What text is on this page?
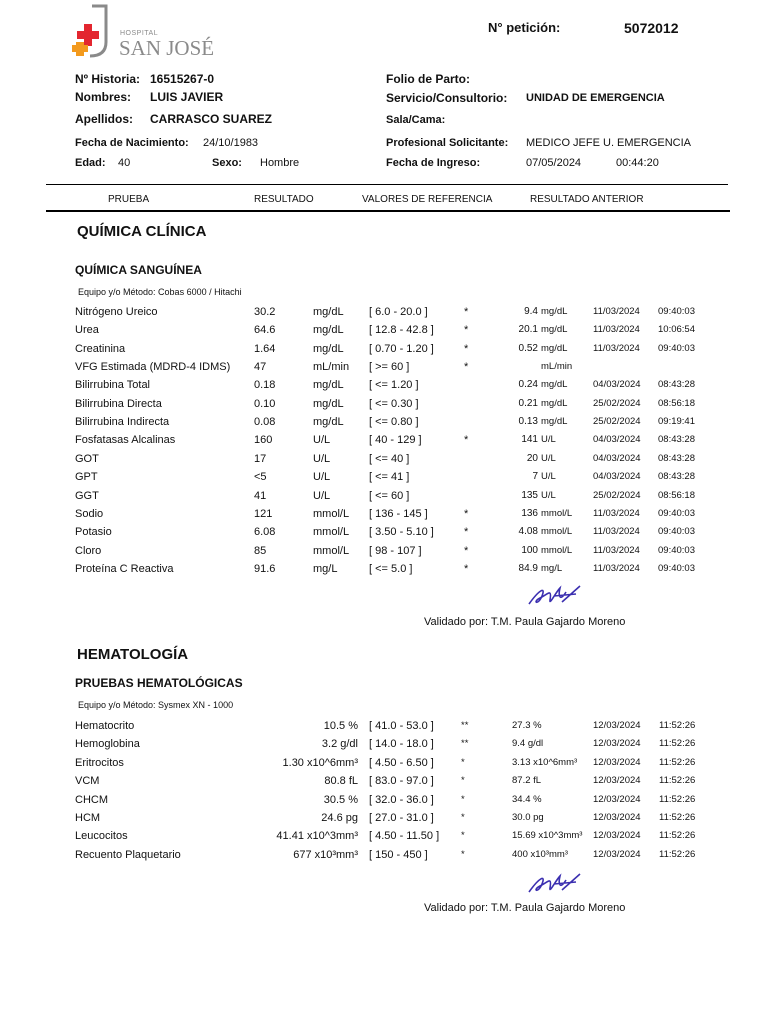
HOSPITAL
SAN JOSÉ
N° petición:	5072012
Nº Historia: 16515267-0
Nombres: LUIS JAVIER
Apellidos: CARRASCO SUAREZ
Fecha de Nacimiento: 24/10/1983
Edad: 40	Sexo: Hombre
Folio de Parto:
Servicio/Consultorio: UNIDAD DE EMERGENCIA
Sala/Cama:
Profesional Solicitante: MEDICO JEFE U. EMERGENCIA
Fecha de Ingreso:	07/05/2024	00:44:20
PRUEBA	RESULTADO	VALORES DE REFERENCIA	RESULTADO ANTERIOR
QUÍMICA CLÍNICA
QUÍMICA SANGUÍNEA
Equipo y/o Método: Cobas 6000 / Hitachi
Nitrógeno Ureico	30.2	mg/dL [ 6.0 - 20.0 ]	*	9.4 mg/dL	11/03/2024 09:40:03
Urea	64.6	mg/dL [ 12.8 - 42.8 ]	*	20.1 mg/dL	11/03/2024 10:06:54
Creatinina	1.64	mg/dL [ 0.70 - 1.20 ]	*	0.52 mg/dL	11/03/2024 09:40:03
VFG Estimada (MDRD-4 IDMS) 47	mL/min [ >= 60 ]	*	mL/min
Bilirrubina Total	0.18	mg/dL [ <= 1.20 ]	0.24 mg/dL	04/03/2024 08:43:28
Bilirrubina Directa	0.10	mg/dL [ <= 0.30 ]	0.21 mg/dL	25/02/2024 08:56:18
Bilirrubina Indirecta	0.08	mg/dL [ <= 0.80 ]	0.13 mg/dL	25/02/2024 09:19:41
Fosfatasas Alcalinas	160	U/L	[ 40 - 129 ]	*	141 U/L	04/03/2024 08:43:28
GOT	17	U/L	[ <= 40 ]	20 U/L	04/03/2024 08:43:28
GPT	<5	U/L	[ <= 41 ]	7 U/L	04/03/2024 08:43:28
GGT	41	U/L	[ <= 60 ]	135 U/L	25/02/2024 08:56:18
Sodio	121	mmol/L [ 136 - 145 ]	*	136 mmol/L 11/03/2024 09:40:03
Potasio	6.08	mmol/L [ 3.50 - 5.10 ]	*	4.08 mmol/L 11/03/2024 09:40:03
Cloro	85	mmol/L [ 98 - 107 ]	*	100 mmol/L 11/03/2024 09:40:03
Proteína C Reactiva	91.6	mg/L	[ <= 5.0 ]	*	84.9 mg/L	11/03/2024 09:40:03
Validado por: T.M. Paula Gajardo Moreno
HEMATOLOGÍA
PRUEBAS HEMATOLÓGICAS
Equipo y/o Método: Sysmex XN - 1000
Hematocrito	10.5 % [ 41.0 - 53.0 ]	**	27.3 %	12/03/2024 11:52:26
Hemoglobina	3.2 g/dl [ 14.0 - 18.0 ]	**	9.4 g/dl	12/03/2024 11:52:26
Eritrocitos	1.30 x10^6mm³ [ 4.50 - 6.50 ]	*	3.13 x10^6mm³ 12/03/2024 11:52:26
VCM	80.8 fL [ 83.0 - 97.0 ]	*	87.2 fL	12/03/2024 11:52:26
CHCM	30.5 % [ 32.0 - 36.0 ]	*	34.4 %	12/03/2024 11:52:26
HCM	24.6 pg [ 27.0 - 31.0 ]	*	30.0 pg	12/03/2024 11:52:26
Leucocitos	41.41 x10^3mm³ [ 4.50 - 11.50 ] *	15.69 x10^3mm³ 12/03/2024 11:52:26
Recuento Plaquetario	677 x10³mm³ [ 150 - 450 ]	*	400 x10³mm³	12/03/2024 11:52:26
Validado por: T.M. Paula Gajardo Moreno
